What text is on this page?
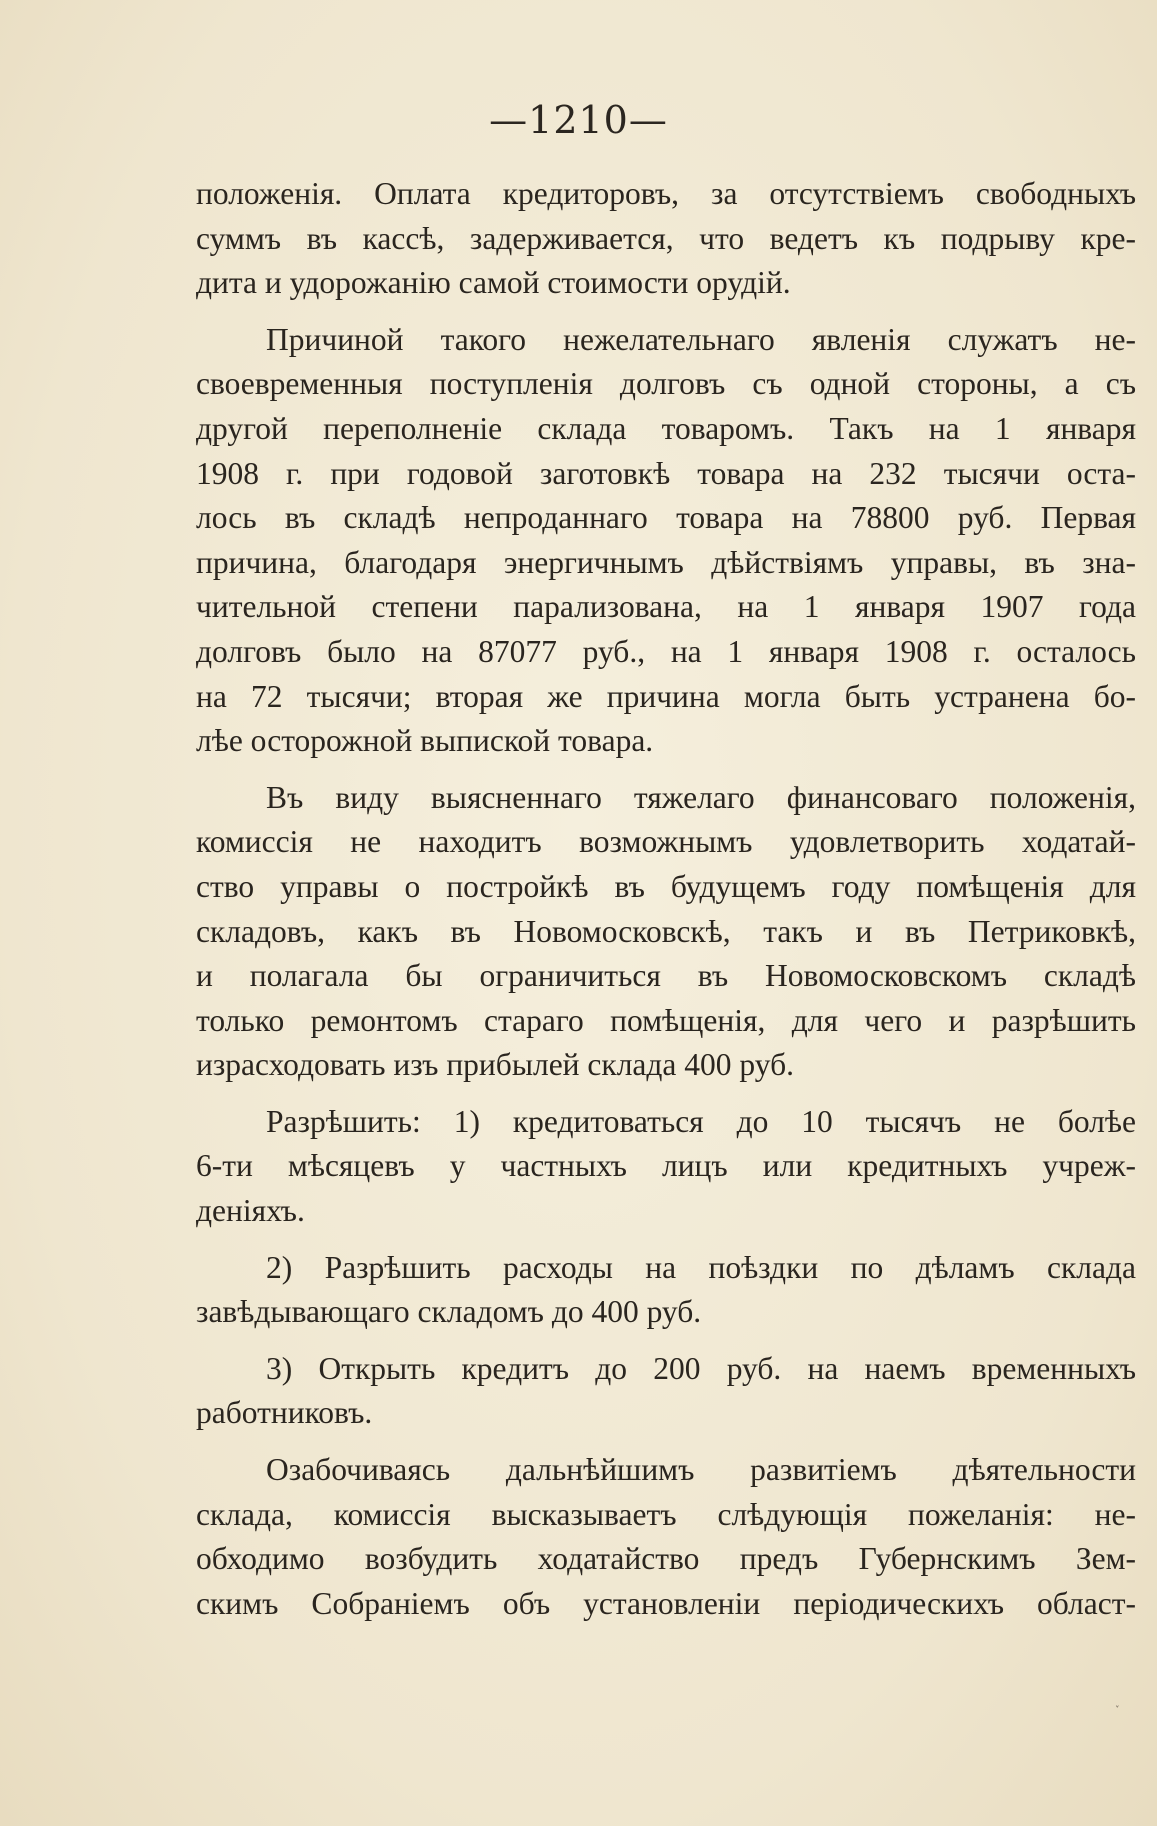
—1210—
положенія. Оплата кредиторовъ, за отсутствіемъ свободныхъ
суммъ въ кассѣ, задерживается, что ведетъ къ подрыву кре-
дита и удорожанію самой стоимости орудій.
Причиной такого нежелательнаго явленія служатъ не-
своевременныя поступленія долговъ съ одной стороны, а съ
другой переполненіе склада товаромъ. Такъ на 1 января
1908 г. при годовой заготовкѣ товара на 232 тысячи оста-
лось въ складѣ непроданнаго товара на 78800 руб. Первая
причина, благодаря энергичнымъ дѣйствіямъ управы, въ зна-
чительной степени парализована, на 1 января 1907 года
долговъ было на 87077 руб., на 1 января 1908 г. осталось
на 72 тысячи; вторая же причина могла быть устранена бо-
лѣе осторожной выпиской товара.
Въ виду выясненнаго тяжелаго финансоваго положенія,
комиссія не находитъ возможнымъ удовлетворить ходатай-
ство управы о постройкѣ въ будущемъ году помѣщенія для
складовъ, какъ въ Новомосковскѣ, такъ и въ Петриковкѣ,
и полагала бы ограничиться въ Новомосковскомъ складѣ
только ремонтомъ стараго помѣщенія, для чего и разрѣшить
израсходовать изъ прибылей склада 400 руб.
Разрѣшить: 1) кредитоваться до 10 тысячъ не болѣе
6-ти мѣсяцевъ у частныхъ лицъ или кредитныхъ учреж-
деніяхъ.
2) Разрѣшить расходы на поѣздки по дѣламъ склада
завѣдывающаго складомъ до 400 руб.
3) Открыть кредитъ до 200 руб. на наемъ временныхъ
работниковъ.
Озабочиваясь дальнѣйшимъ развитіемъ дѣятельности
склада, комиссія высказываетъ слѣдующія пожеланія: не-
обходимо возбудить ходатайство предъ Губернскимъ Зем-
скимъ Собраніемъ объ установленіи періодическихъ област-
˯
